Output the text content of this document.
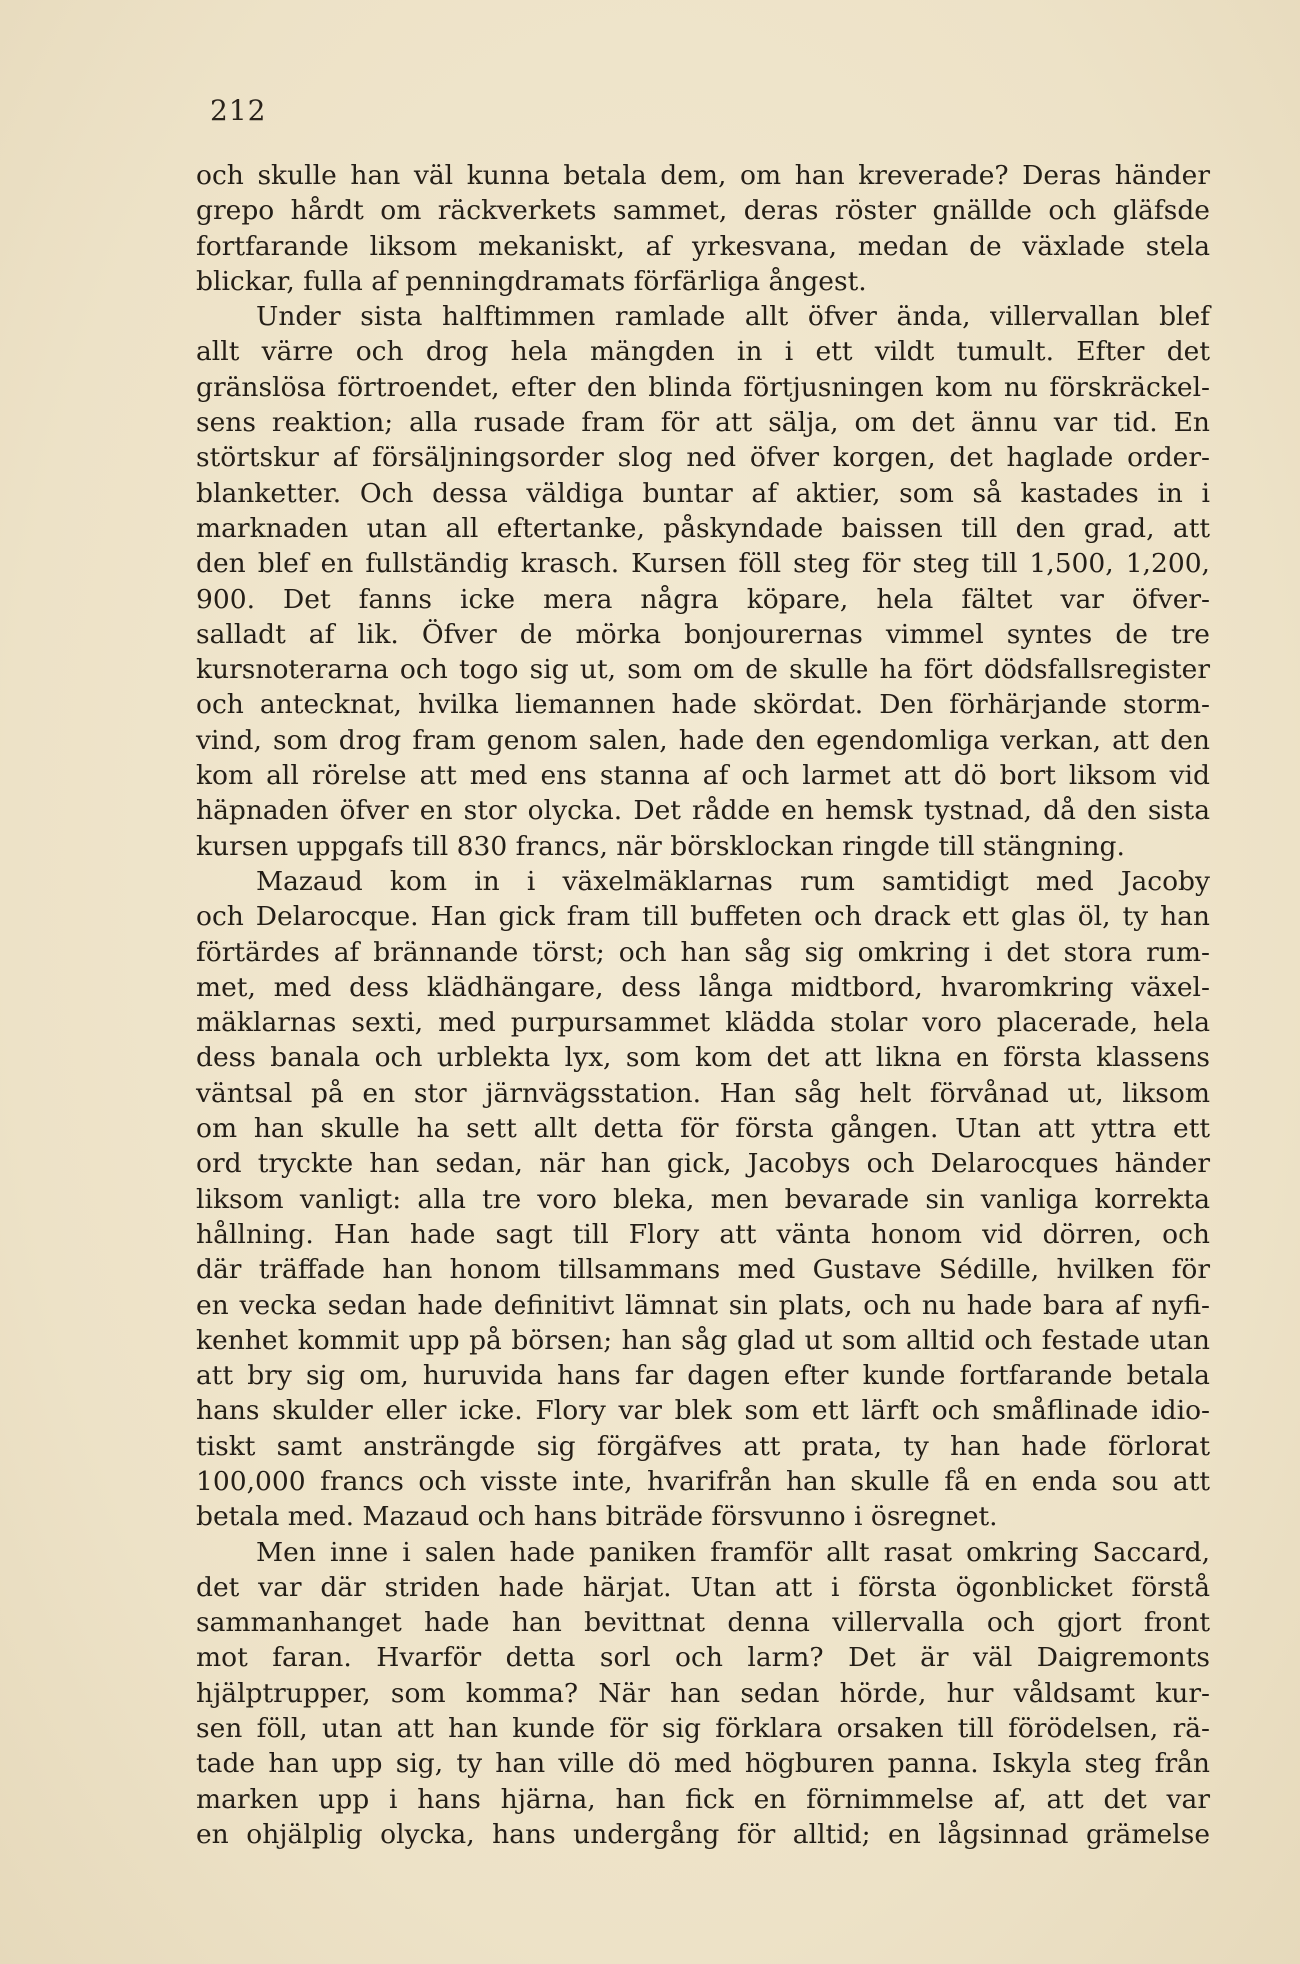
212
och skulle han väl kunna betala dem, om han kreverade? Deras händer
grepo hårdt om räckverkets sammet, deras röster gnällde och gläfsde
fortfarande liksom mekaniskt, af yrkesvana, medan de växlade stela
blickar, fulla af penningdramats förfärliga ångest.
Under sista halftimmen ramlade allt öfver ända, villervallan blef
allt värre och drog hela mängden in i ett vildt tumult. Efter det
gränslösa förtroendet, efter den blinda förtjusningen kom nu förskräckel-
sens reaktion; alla rusade fram för att sälja, om det ännu var tid. En
störtskur af försäljningsorder slog ned öfver korgen, det haglade order-
blanketter. Och dessa väldiga buntar af aktier, som så kastades in i
marknaden utan all eftertanke, påskyndade baissen till den grad, att
den blef en fullständig krasch. Kursen föll steg för steg till 1,500, 1,200,
900. Det fanns icke mera några köpare, hela fältet var öfver-
salladt af lik. Öfver de mörka bonjourernas vimmel syntes de tre
kursnoterarna och togo sig ut, som om de skulle ha fört dödsfallsregister
och antecknat, hvilka liemannen hade skördat. Den förhärjande storm-
vind, som drog fram genom salen, hade den egendomliga verkan, att den
kom all rörelse att med ens stanna af och larmet att dö bort liksom vid
häpnaden öfver en stor olycka. Det rådde en hemsk tystnad, då den sista
kursen uppgafs till 830 francs, när börsklockan ringde till stängning.
Mazaud kom in i växelmäklarnas rum samtidigt med Jacoby
och Delarocque. Han gick fram till buffeten och drack ett glas öl, ty han
förtärdes af brännande törst; och han såg sig omkring i det stora rum-
met, med dess klädhängare, dess långa midtbord, hvaromkring växel-
mäklarnas sexti, med purpursammet klädda stolar voro placerade, hela
dess banala och urblekta lyx, som kom det att likna en första klassens
väntsal på en stor järnvägsstation. Han såg helt förvånad ut, liksom
om han skulle ha sett allt detta för första gången. Utan att yttra ett
ord tryckte han sedan, när han gick, Jacobys och Delarocques händer
liksom vanligt: alla tre voro bleka, men bevarade sin vanliga korrekta
hållning. Han hade sagt till Flory att vänta honom vid dörren, och
där träffade han honom tillsammans med Gustave Sédille, hvilken för
en vecka sedan hade definitivt lämnat sin plats, och nu hade bara af nyfi-
kenhet kommit upp på börsen; han såg glad ut som alltid och festade utan
att bry sig om, huruvida hans far dagen efter kunde fortfarande betala
hans skulder eller icke. Flory var blek som ett lärft och småflinade idio-
tiskt samt ansträngde sig förgäfves att prata, ty han hade förlorat
100,000 francs och visste inte, hvarifrån han skulle få en enda sou att
betala med. Mazaud och hans biträde försvunno i ösregnet.
Men inne i salen hade paniken framför allt rasat omkring Saccard,
det var där striden hade härjat. Utan att i första ögonblicket förstå
sammanhanget hade han bevittnat denna villervalla och gjort front
mot faran. Hvarför detta sorl och larm? Det är väl Daigremonts
hjälptrupper, som komma? När han sedan hörde, hur våldsamt kur-
sen föll, utan att han kunde för sig förklara orsaken till förödelsen, rä-
tade han upp sig, ty han ville dö med högburen panna. Iskyla steg från
marken upp i hans hjärna, han fick en förnimmelse af, att det var
en ohjälplig olycka, hans undergång för alltid; en lågsinnad grämelse
